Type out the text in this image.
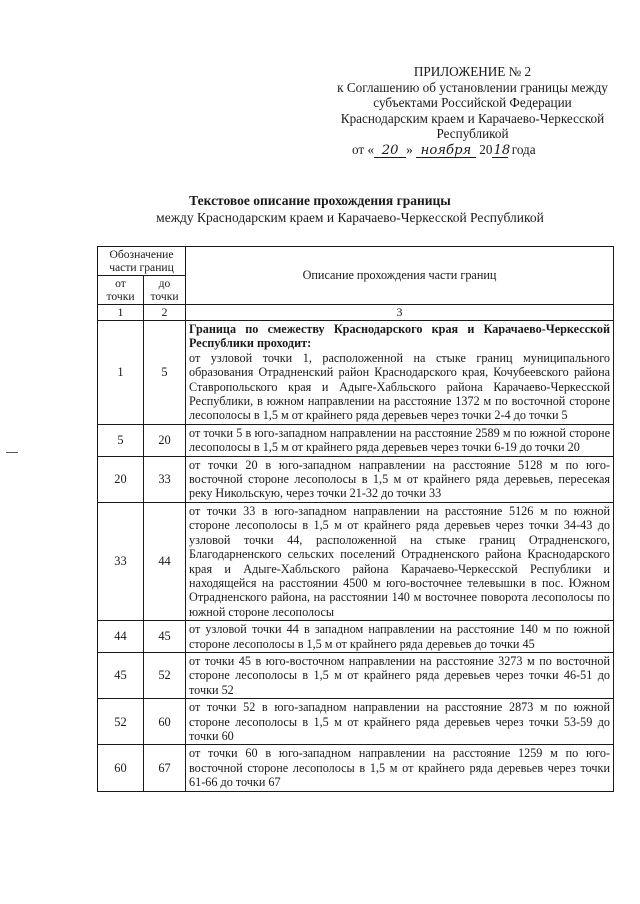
ПРИЛОЖЕНИЕ № 2
к Соглашению об установлении границы между
субъектами Российской Федерации
Краснодарским краем и Карачаево-Черкесской
Республикой
от « 20 » ноября 2018 года
Текстовое описание прохождения границы
между Краснодарским краем и Карачаево-Черкесской Республикой
Обозначение части границ		Описание прохождения части границ
от точки	до точки	
1	2	3
1	5	Граница по смежеству Краснодарского края и Карачаево-Черкесской Республики проходит:
от узловой точки 1, расположенной на стыке границ муниципального образования Отрадненский район Краснодарского края, Кочубеевского района Ставропольского края и Адыге-Хабльского района Карачаево-Черкесской Республики, в южном направлении на расстояние 1372 м по восточной стороне лесополосы в 1,5 м от крайнего ряда деревьев через точки 2-4 до точки 5
5	20	от точки 5 в юго-западном направлении на расстояние 2589 м по южной стороне лесополосы в 1,5 м от крайнего ряда деревьев через точки 6-19 до точки 20
20	33	от точки 20 в юго-западном направлении на расстояние 5128 м по юго-восточной стороне лесополосы в 1,5 м от крайнего ряда деревьев, пересекая реку Никольскую, через точки 21-32 до точки 33
33	44	от точки 33 в юго-западном направлении на расстояние 5126 м по южной стороне лесополосы в 1,5 м от крайнего ряда деревьев через точки 34-43 до узловой точки 44, расположенной на стыке границ Отрадненского, Благодарненского сельских поселений Отрадненского района Краснодарского края и Адыге-Хабльского района Карачаево-Черкесской Республики и находящейся на расстоянии 4500 м юго-восточнее телевышки в пос. Южном Отрадненского района, на расстоянии 140 м восточнее поворота лесополосы по южной стороне лесополосы
44	45	от узловой точки 44 в западном направлении на расстояние 140 м по южной стороне лесополосы в 1,5 м от крайнего ряда деревьев до точки 45
45	52	от точки 45 в юго-восточном направлении на расстояние 3273 м по восточной стороне лесополосы в 1,5 м от крайнего ряда деревьев через точки 46-51 до точки 52
52	60	от точки 52 в юго-западном направлении на расстояние 2873 м по южной стороне лесополосы в 1,5 м от крайнего ряда деревьев через точки 53-59 до точки 60
60	67	от точки 60 в юго-западном направлении на расстояние 1259 м по юго-восточной стороне лесополосы в 1,5 м от крайнего ряда деревьев через точки 61-66 до точки 67
